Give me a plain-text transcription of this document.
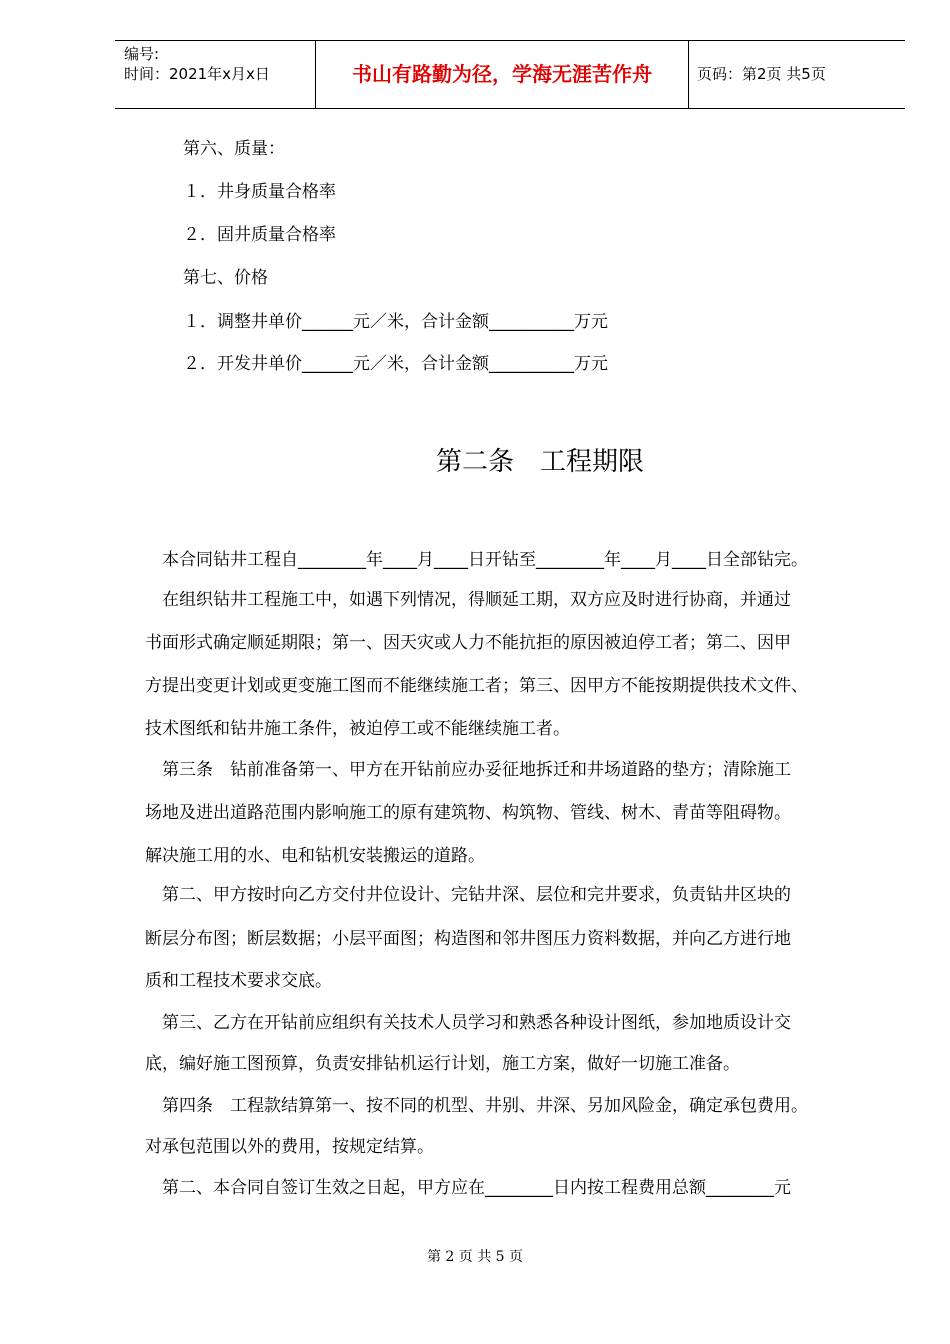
编号:
时间：2021年x月x日	书山有路勤为径，学海无涯苦作舟	页码：第2页 共5页
第六、质量：
１．井身质量合格率
２．固井质量合格率
第七、价格
１．调整井单价______元／米，合计金额__________万元
２．开发井单价______元／米，合计金额__________万元
第二条　工程期限
　本合同钻井工程自________年____月____日开钻至________年____月____日全部钻完。
　在组织钻井工程施工中，如遇下列情况，得顺延工期，双方应及时进行协商，并通过
书面形式确定顺延期限；第一、因天灾或人力不能抗拒的原因被迫停工者；第二、因甲
方提出变更计划或更变施工图而不能继续施工者；第三、因甲方不能按期提供技术文件、
技术图纸和钻井施工条件，被迫停工或不能继续施工者。
　第三条　钻前准备第一、甲方在开钻前应办妥征地拆迁和井场道路的垫方；清除施工
场地及进出道路范围内影响施工的原有建筑物、构筑物、管线、树木、青苗等阻碍物。
解决施工用的水、电和钻机安装搬运的道路。
　第二、甲方按时向乙方交付井位设计、完钻井深、层位和完井要求，负责钻井区块的
断层分布图；断层数据；小层平面图；构造图和邻井图压力资料数据，并向乙方进行地
质和工程技术要求交底。
　第三、乙方在开钻前应组织有关技术人员学习和熟悉各种设计图纸，参加地质设计交
底，编好施工图预算，负责安排钻机运行计划，施工方案，做好一切施工准备。
　第四条　工程款结算第一、按不同的机型、井别、井深、另加风险金，确定承包费用。
对承包范围以外的费用，按规定结算。
　第二、本合同自签订生效之日起，甲方应在________日内按工程费用总额________元
第 2 页 共 5 页
